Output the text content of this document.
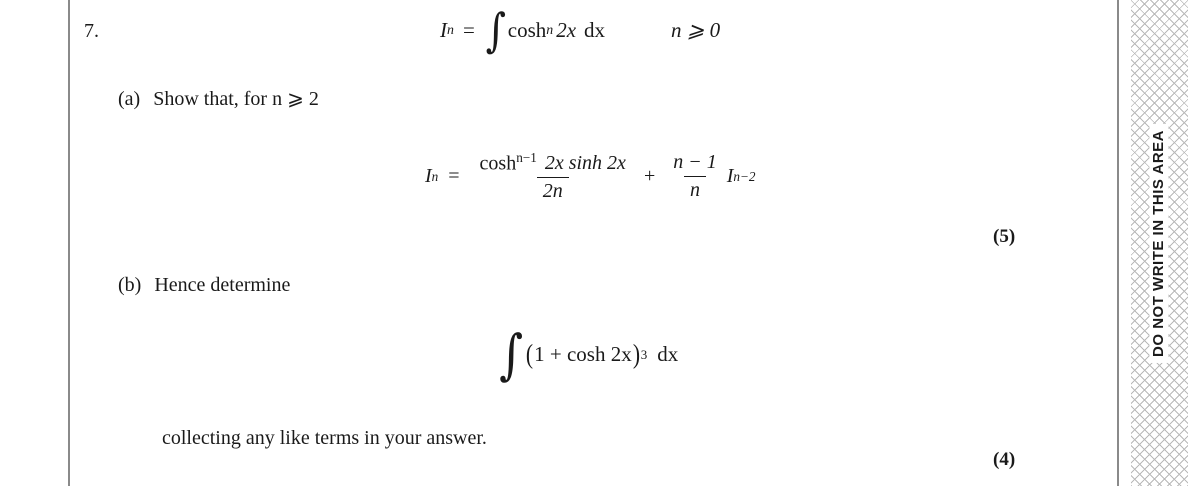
DO NOT WRITE IN THIS AREA
7.	I n = ∫ cosh n 2x dx	n ⩾ 0
(a) Show that, for n ⩾ 2
I $n = \frac{\cosh^{n-1} 2x \sinh 2x}{2n} + \frac{n - 1}{n}$ I n−2
(5)
(b) Hence determine
∫ ( 1 + cosh 2x ) 3 dx
collecting any like terms in your answer.
(4)
